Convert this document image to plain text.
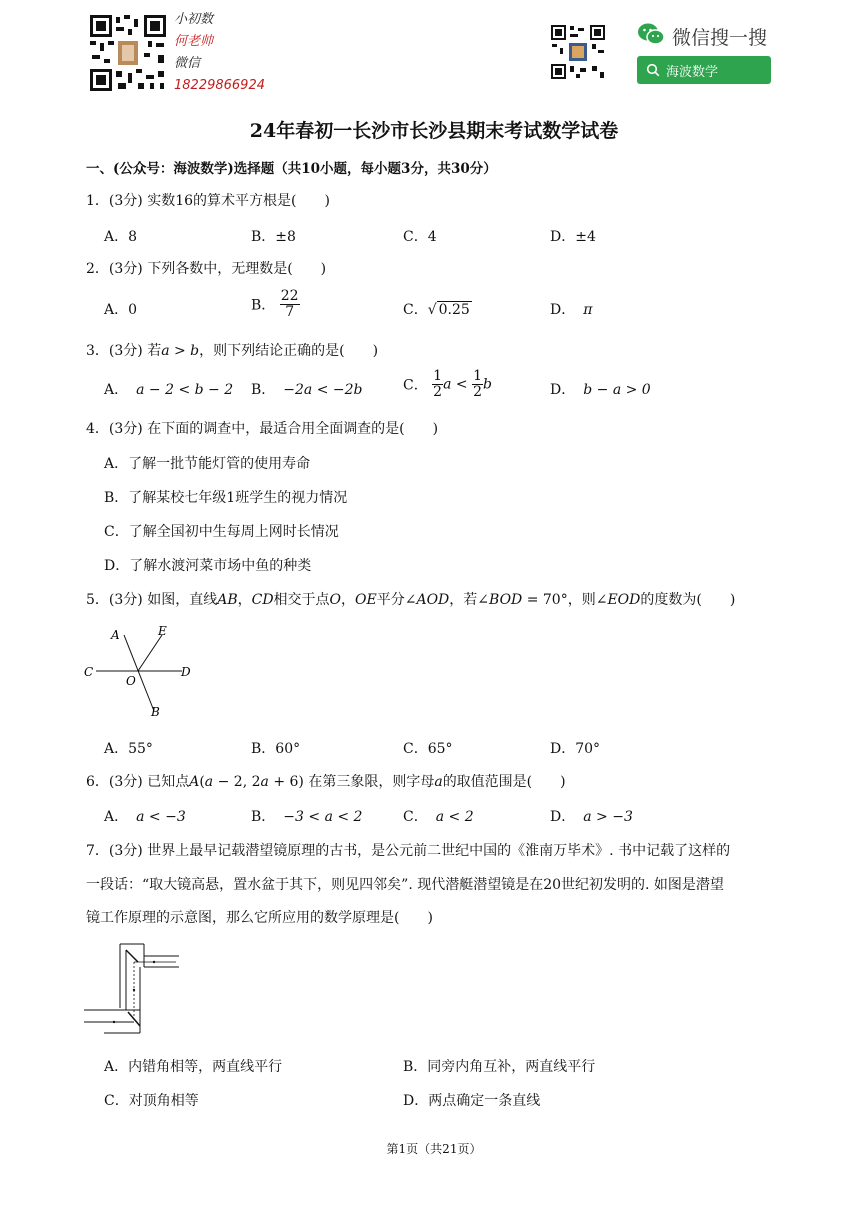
小初数
何老帅
微信
18229866924
微信搜一搜
海波数学
24年春初一长沙市长沙县期末考试数学试卷
一、(公众号：海波数学)选择题（共10小题，每小题3分，共30分）
1．(3分) 实数16的算术平方根是(　　)
A．8	B．±8	C．4	D．±4
2．(3分) 下列各数中，无理数是(　　)
A．0	B． $\frac{22}{7}$	C．√ 0.25	D． π
3．(3分) 若a > b，则下列结论正确的是(　　)
A． a − 2 < b − 2 B． −2a < −2b	C． $\frac{1}{2}$ $a < \frac{1}{2}$ b	D． b − a > 0
4．(3分) 在下面的调查中，最适合用全面调查的是(　　)
A．了解一批节能灯管的使用寿命
B．了解某校七年级1班学生的视力情况
C．了解全国初中生每周上网时长情况
D．了解水渡河菜市场中鱼的种类
5．(3分) 如图，直线AB，CD相交于点O，OE平分∠AOD，若∠BOD = 70°，则∠EOD的度数为(　　)
A	E
C
O
D
B
A．55°	B．60°	C．65°	D．70°
6．(3分) 已知点A(a − 2, 2a + 6) 在第三象限，则字母a的取值范围是(　　)
A． a < −3	B． −3 < a < 2	C． a < 2	D． a > −3
7．(3分) 世界上最早记载潜望镜原理的古书，是公元前二世纪中国的《淮南万毕术》. 书中记载了这样的
一段话：“取大镜高悬，置水盆于其下，则见四邻矣”. 现代潜艇潜望镜是在20世纪初发明的. 如图是潜望
镜工作原理的示意图，那么它所应用的数学原理是(　　)
A．内错角相等，两直线平行	B．同旁内角互补，两直线平行
C．对顶角相等	D．两点确定一条直线
第1页（共21页）
